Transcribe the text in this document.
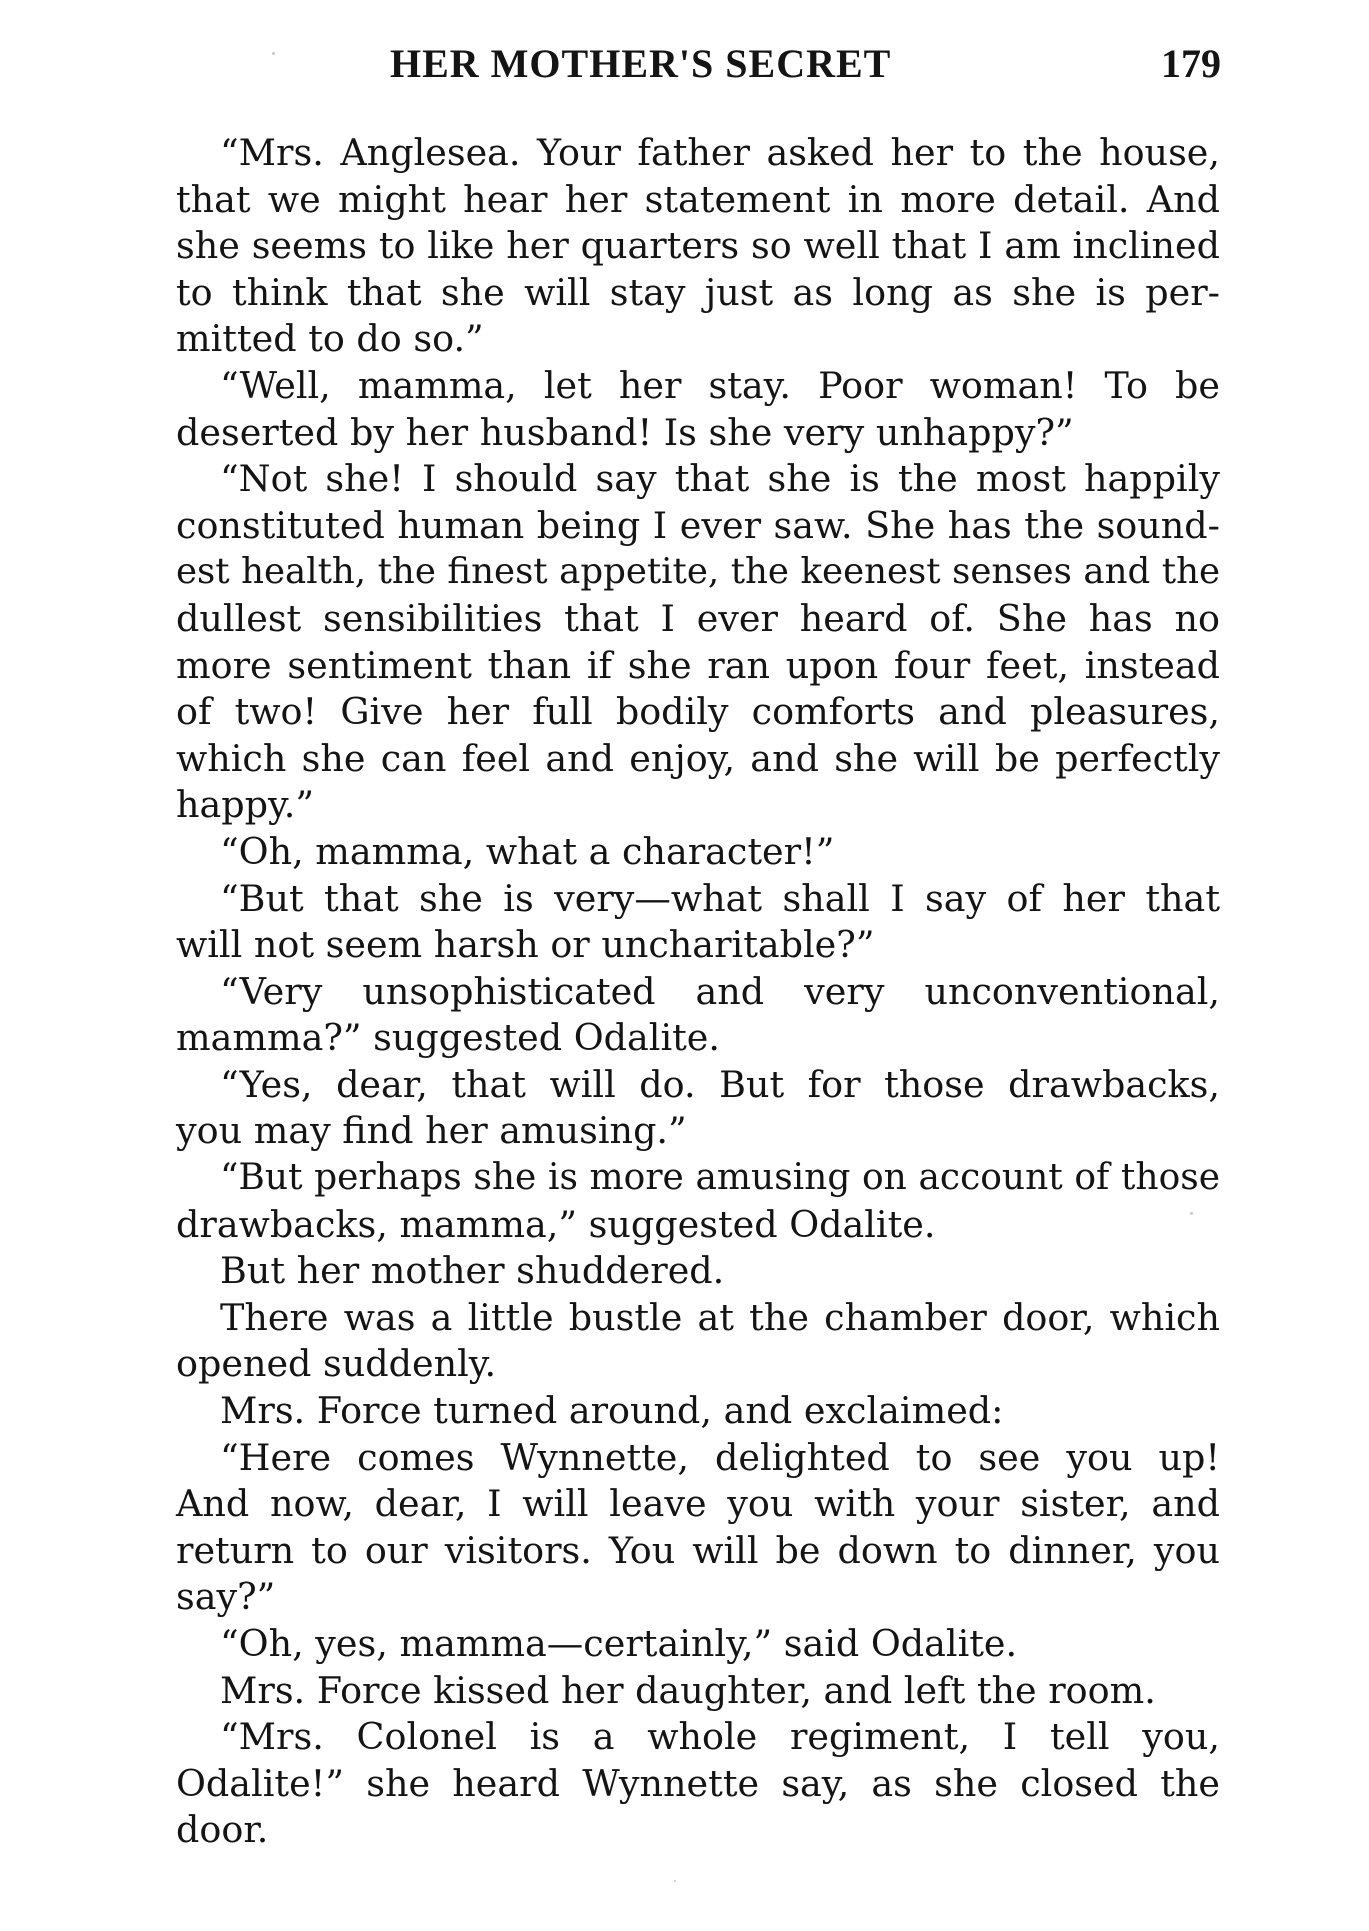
HER MOTHER'S SECRET	179
“Mrs. Anglesea. Your father asked her to the house,
that we might hear her statement in more detail. And
she seems to like her quarters so well that I am inclined
to think that she will stay just as long as she is per-
mitted to do so.”
“Well, mamma, let her stay. Poor woman! To be
deserted by her husband! Is she very unhappy?”
“Not she! I should say that she is the most happily
constituted human being I ever saw. She has the sound-
est health, the finest appetite, the keenest senses and the
dullest sensibilities that I ever heard of. She has no
more sentiment than if she ran upon four feet, instead
of two! Give her full bodily comforts and pleasures,
which she can feel and enjoy, and she will be perfectly
happy.”
“Oh, mamma, what a character!”
“But that she is very—what shall I say of her that
will not seem harsh or uncharitable?”
“Very unsophisticated and very unconventional,
mamma?” suggested Odalite.
“Yes, dear, that will do. But for those drawbacks,
you may find her amusing.”
“But perhaps she is more amusing on account of those
drawbacks, mamma,” suggested Odalite.
But her mother shuddered.
There was a little bustle at the chamber door, which
opened suddenly.
Mrs. Force turned around, and exclaimed:
“Here comes Wynnette, delighted to see you up!
And now, dear, I will leave you with your sister, and
return to our visitors. You will be down to dinner, you
say?”
“Oh, yes, mamma—certainly,” said Odalite.
Mrs. Force kissed her daughter, and left the room.
“Mrs. Colonel is a whole regiment, I tell you,
Odalite!” she heard Wynnette say, as she closed the
door.
